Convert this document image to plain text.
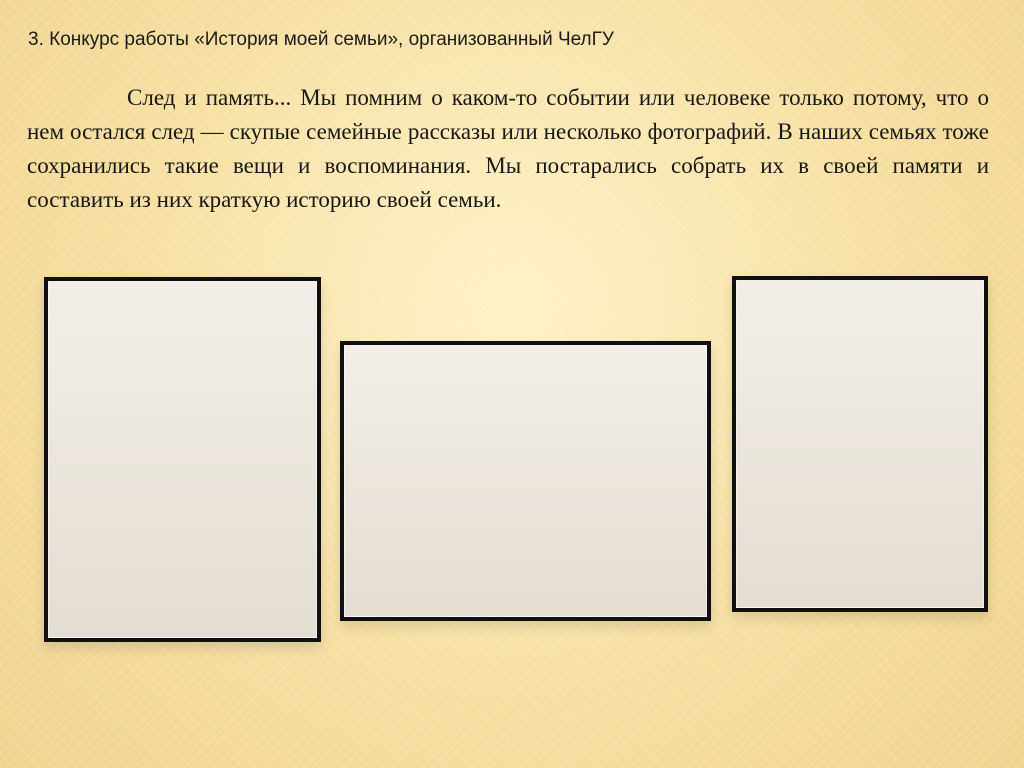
3. Конкурс работы «История моей семьи», организованный ЧелГУ
След и память... Мы помним о каком-то событии или человеке только потому, что о нем остался след — скупые семейные рассказы или несколько фотографий. В наших семьях тоже сохранились такие вещи и воспоминания. Мы постарались собрать их в своей памяти и составить из них краткую историю своей семьи.
